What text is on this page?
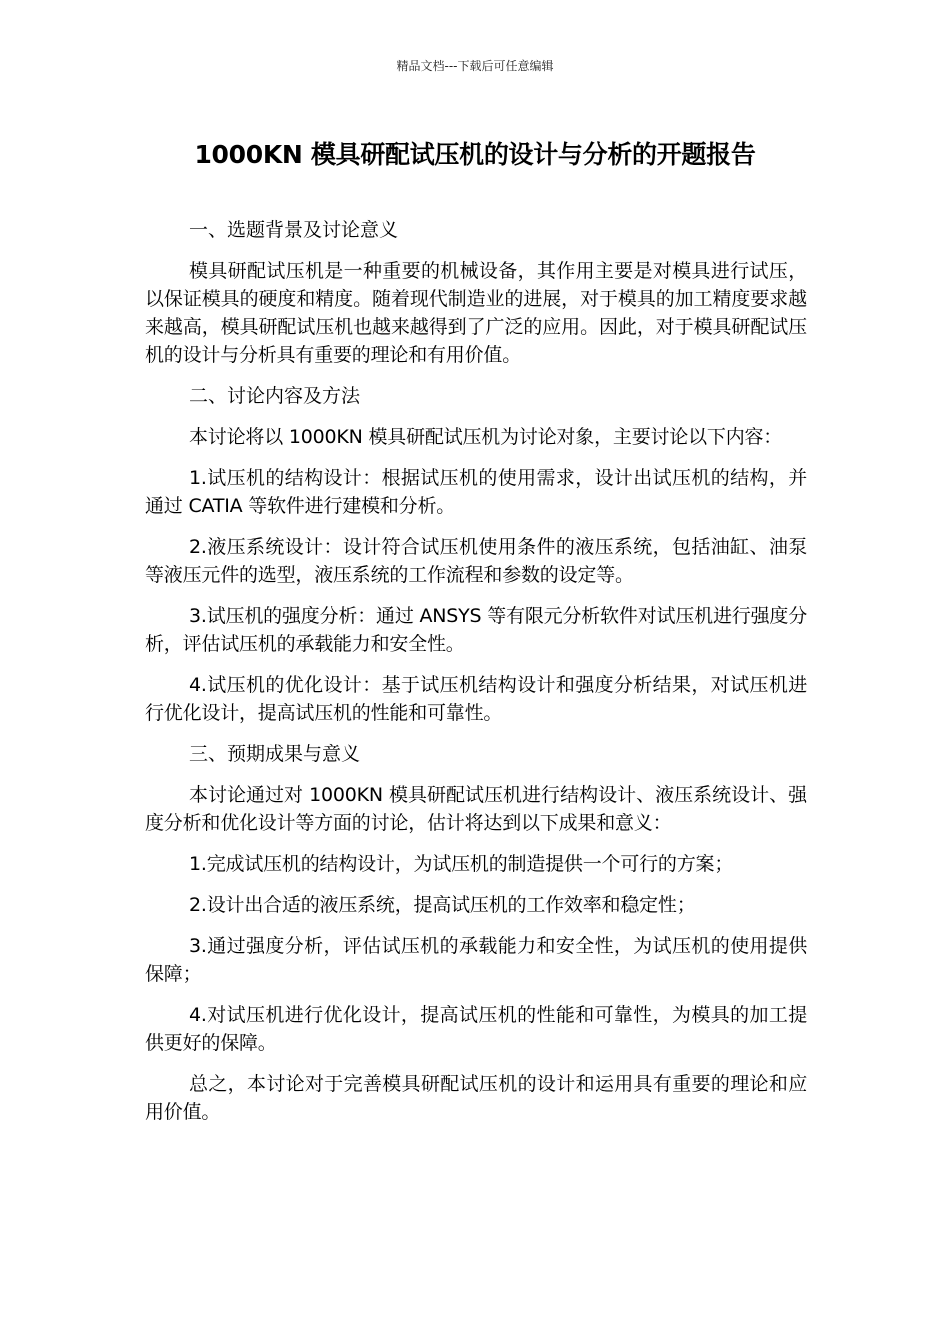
精品文档---下载后可任意编辑
1000KN 模具研配试压机的设计与分析的开题报告
一、选题背景及讨论意义

模具研配试压机是一种重要的机械设备，其作用主要是对模具进行试压，以保证模具的硬度和精度。随着现代制造业的进展，对于模具的加工精度要求越来越高，模具研配试压机也越来越得到了广泛的应用。因此，对于模具研配试压机的设计与分析具有重要的理论和有用价值。

二、讨论内容及方法

本讨论将以 1000KN 模具研配试压机为讨论对象，主要讨论以下内容：

1.试压机的结构设计：根据试压机的使用需求，设计出试压机的结构，并通过 CATIA 等软件进行建模和分析。

2.液压系统设计：设计符合试压机使用条件的液压系统，包括油缸、油泵等液压元件的选型，液压系统的工作流程和参数的设定等。

3.试压机的强度分析：通过 ANSYS 等有限元分析软件对试压机进行强度分析，评估试压机的承载能力和安全性。

4.试压机的优化设计：基于试压机结构设计和强度分析结果，对试压机进行优化设计，提高试压机的性能和可靠性。

三、预期成果与意义

本讨论通过对 1000KN 模具研配试压机进行结构设计、液压系统设计、强度分析和优化设计等方面的讨论，估计将达到以下成果和意义：

1.完成试压机的结构设计，为试压机的制造提供一个可行的方案；

2.设计出合适的液压系统，提高试压机的工作效率和稳定性；

3.通过强度分析，评估试压机的承载能力和安全性，为试压机的使用提供保障；

4.对试压机进行优化设计，提高试压机的性能和可靠性，为模具的加工提供更好的保障。

总之，本讨论对于完善模具研配试压机的设计和运用具有重要的理论和应用价值。
